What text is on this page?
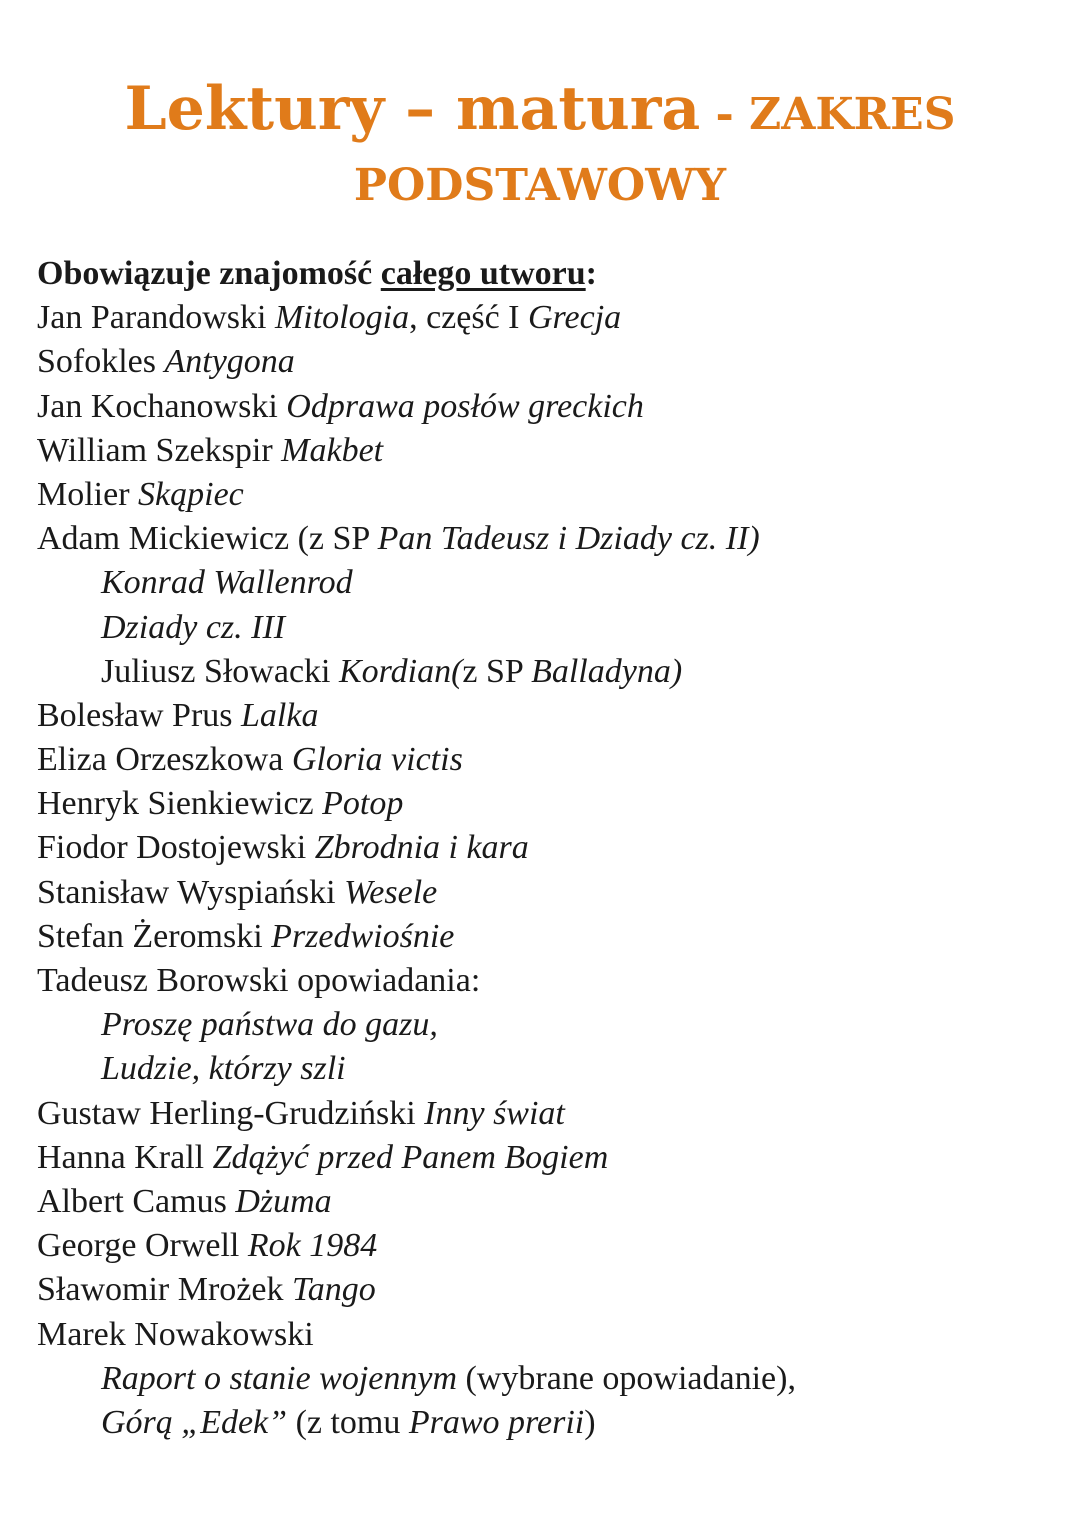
Lektury – matura - ZAKRES
PODSTAWOWY
Obowiązuje znajomość całego utworu:
Jan Parandowski Mitologia, część I Grecja
Sofokles Antygona
Jan Kochanowski Odprawa posłów greckich
William Szekspir Makbet
Molier Skąpiec
Adam Mickiewicz (z SP Pan Tadeusz i Dziady cz. II)
Konrad Wallenrod
Dziady cz. III
Juliusz Słowacki Kordian(z SP Balladyna)
Bolesław Prus Lalka
Eliza Orzeszkowa Gloria victis
Henryk Sienkiewicz Potop
Fiodor Dostojewski Zbrodnia i kara
Stanisław Wyspiański Wesele
Stefan Żeromski Przedwiośnie
Tadeusz Borowski opowiadania:
Proszę państwa do gazu,
Ludzie, którzy szli
Gustaw Herling-Grudziński Inny świat
Hanna Krall Zdążyć przed Panem Bogiem
Albert Camus Dżuma
George Orwell Rok 1984
Sławomir Mrożek Tango
Marek Nowakowski
Raport o stanie wojennym (wybrane opowiadanie),
Górą „Edek” (z tomu Prawo prerii)
